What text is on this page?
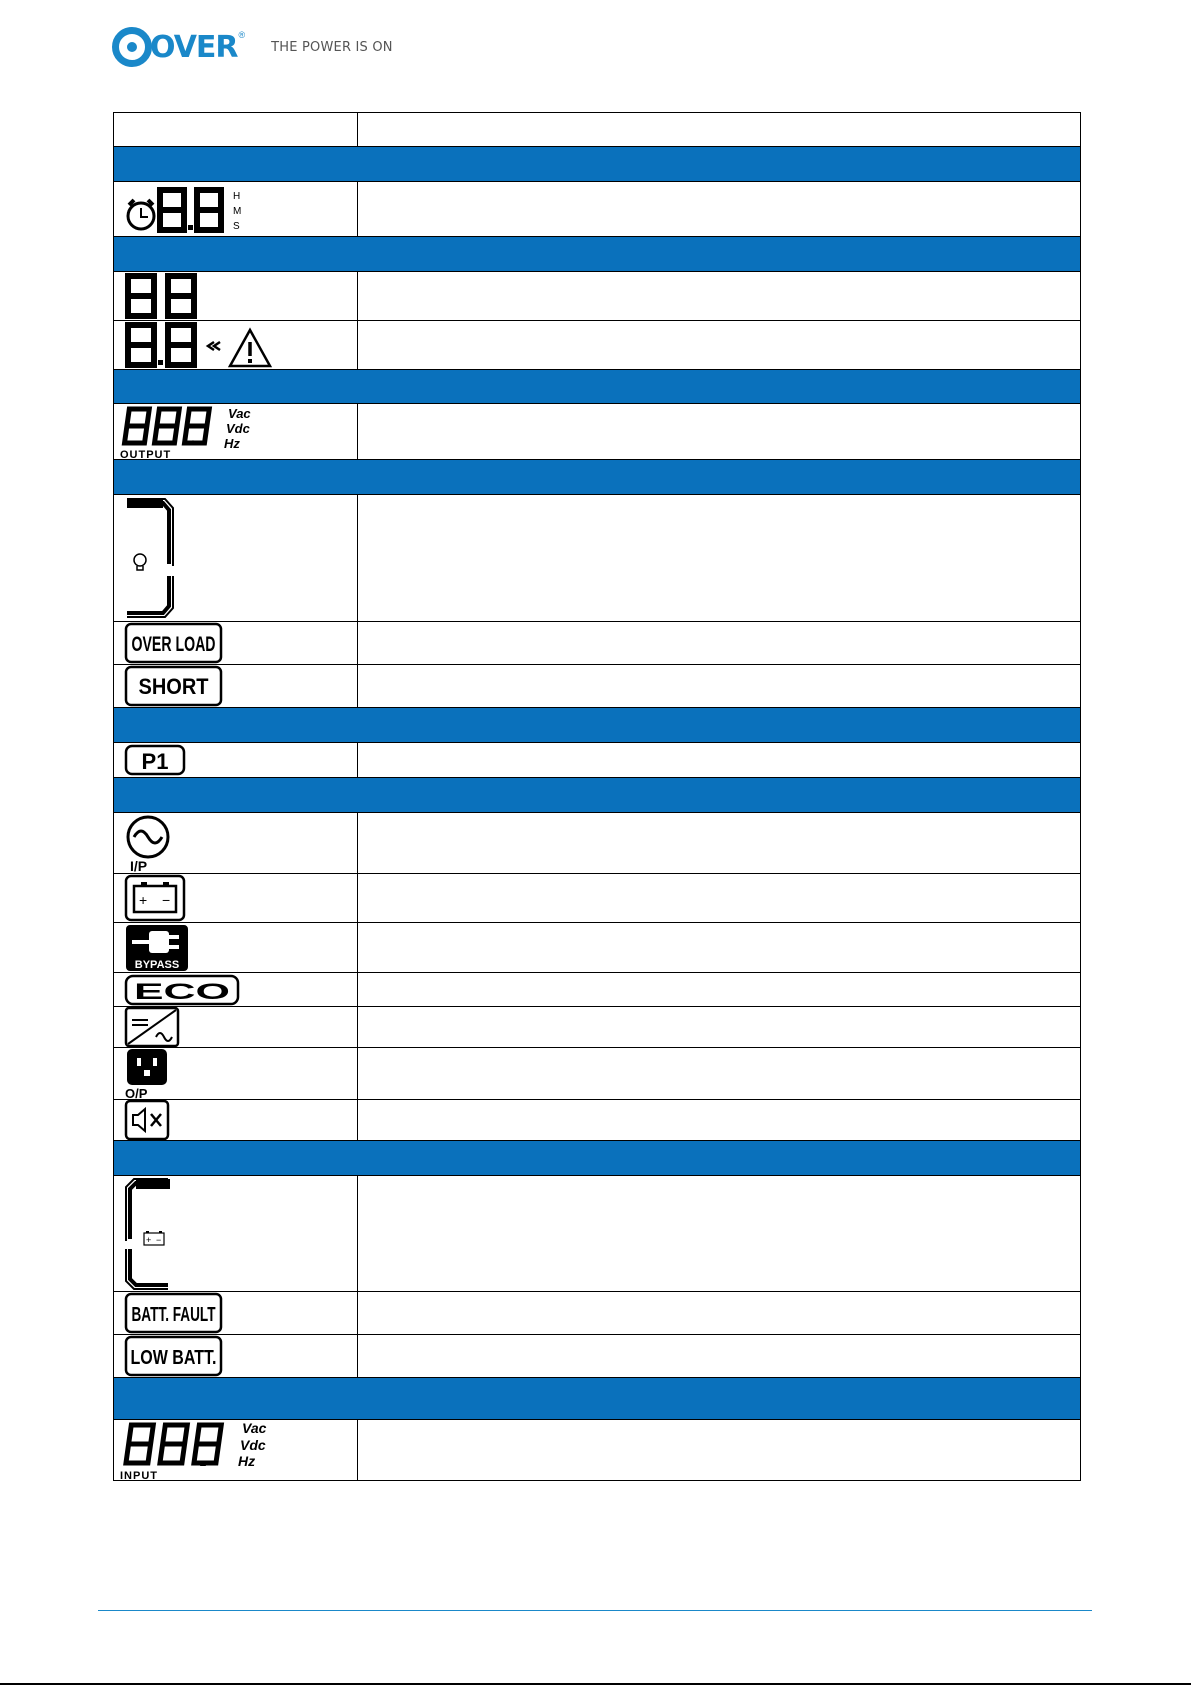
OVER ®
THE POWER IS ON

H
M
S	

Vac
Vdc
Hz
OUTPUT	

OVER LOAD	

SHORT	

P1	

I/P	

+ −	

BYPASS	

ECO	

O/P	

+ −	

BATT. FAULT	

LOW BATT.	

Vac
Vdc
Hz
INPUT	
